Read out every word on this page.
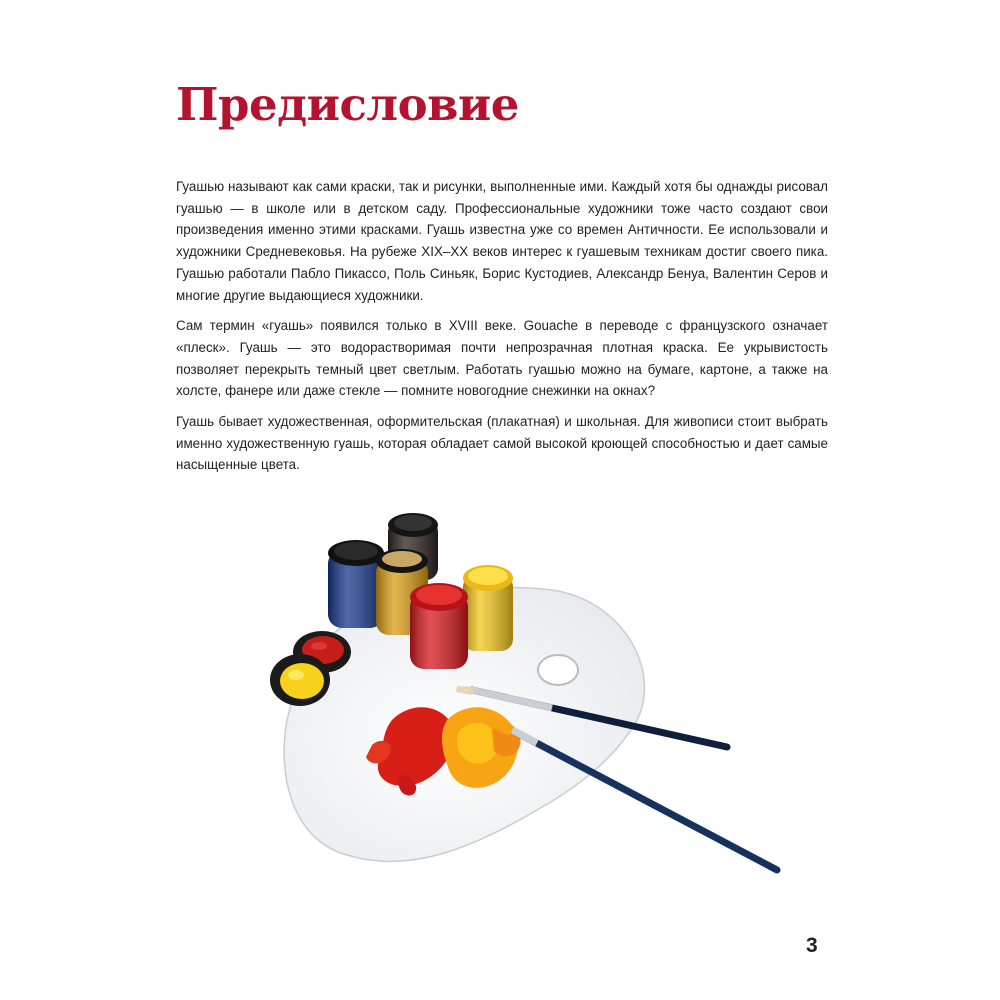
Предисловие

Гуашью называют как сами краски, так и рисунки, выполненные ими. Каждый хотя бы однажды рисовал гуашью — в школе или в детском саду. Профессиональные художники тоже часто создают свои произведения именно этими красками. Гуашь известна уже со времен Античности. Ее использовали и художники Средневековья. На рубеже XIX–XX веков интерес к гуашевым техникам достиг своего пика. Гуашью работали Пабло Пикассо, Поль Синьяк, Борис Кустодиев, Александр Бенуа, Валентин Серов и многие другие выдающиеся художники.

Сам термин «гуашь» появился только в XVIII веке. Gouache в переводе с французского означает «плеск». Гуашь — это водорастворимая почти непрозрачная плотная краска. Ее укрывистость позволяет перекрыть темный цвет светлым. Работать гуашью можно на бумаге, картоне, а также на холсте, фанере или даже стекле — помните новогодние снежинки на окнах?

Гуашь бывает художественная, оформительская (плакатная) и школьная. Для живописи стоит выбрать именно художественную гуашь, которая обладает самой высокой кроющей способностью и дает самые насыщенные цвета.

3
